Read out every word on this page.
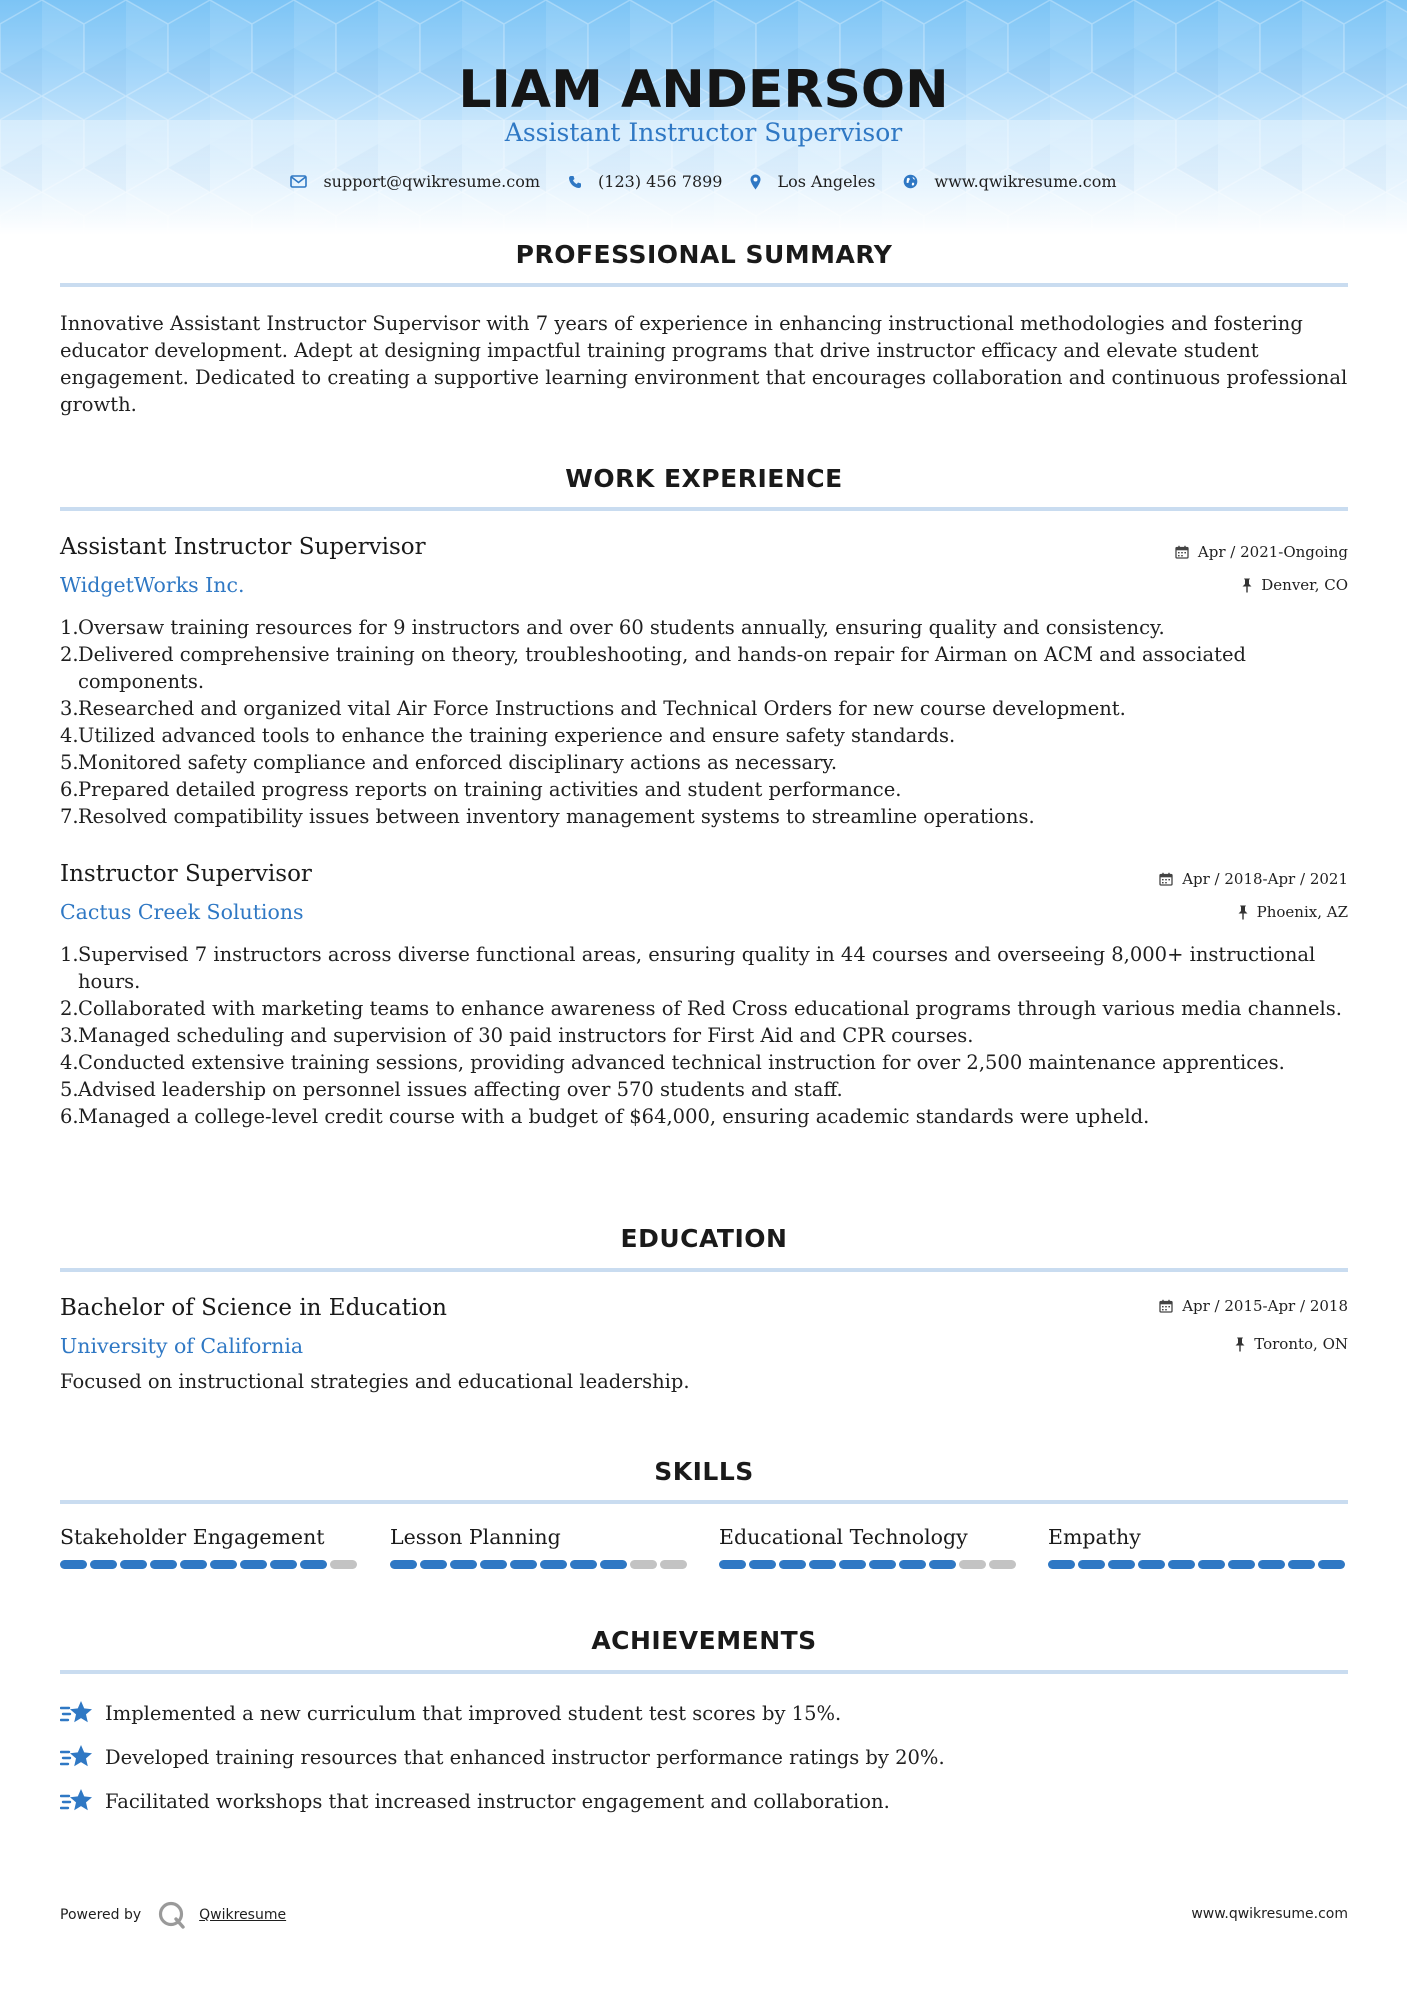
LIAM ANDERSON
Assistant Instructor Supervisor
support@qwikresume.com	(123) 456 7899	Los Angeles	www.qwikresume.com
PROFESSIONAL SUMMARY
Innovative Assistant Instructor Supervisor with 7 years of experience in enhancing instructional methodologies and fostering educator development. Adept at designing impactful training programs that drive instructor efficacy and elevate student engagement. Dedicated to creating a supportive learning environment that encourages collaboration and continuous professional growth.
WORK EXPERIENCE
Assistant Instructor Supervisor
WidgetWorks Inc.
Apr / 2021-Ongoing
Denver, CO
Oversaw training resources for 9 instructors and over 60 students annually, ensuring quality and consistency.
Delivered comprehensive training on theory, troubleshooting, and hands-on repair for Airman on ACM and associated components.
Researched and organized vital Air Force Instructions and Technical Orders for new course development.
Utilized advanced tools to enhance the training experience and ensure safety standards.
Monitored safety compliance and enforced disciplinary actions as necessary.
Prepared detailed progress reports on training activities and student performance.
Resolved compatibility issues between inventory management systems to streamline operations.
Instructor Supervisor
Cactus Creek Solutions
Apr / 2018-Apr / 2021
Phoenix, AZ
Supervised 7 instructors across diverse functional areas, ensuring quality in 44 courses and overseeing 8,000+ instructional hours.
Collaborated with marketing teams to enhance awareness of Red Cross educational programs through various media channels.
Managed scheduling and supervision of 30 paid instructors for First Aid and CPR courses.
Conducted extensive training sessions, providing advanced technical instruction for over 2,500 maintenance apprentices.
Advised leadership on personnel issues affecting over 570 students and staff.
Managed a college-level credit course with a budget of $64,000, ensuring academic standards were upheld.
EDUCATION
Bachelor of Science in Education
University of California
Apr / 2015-Apr / 2018
Toronto, ON
Focused on instructional strategies and educational leadership.
SKILLS
Stakeholder Engagement	Lesson Planning	Educational Technology	Empathy
ACHIEVEMENTS
Implemented a new curriculum that improved student test scores by 15%.
Developed training resources that enhanced instructor performance ratings by 20%.
Facilitated workshops that increased instructor engagement and collaboration.
Powered by	Qwikresume	www.qwikresume.com
